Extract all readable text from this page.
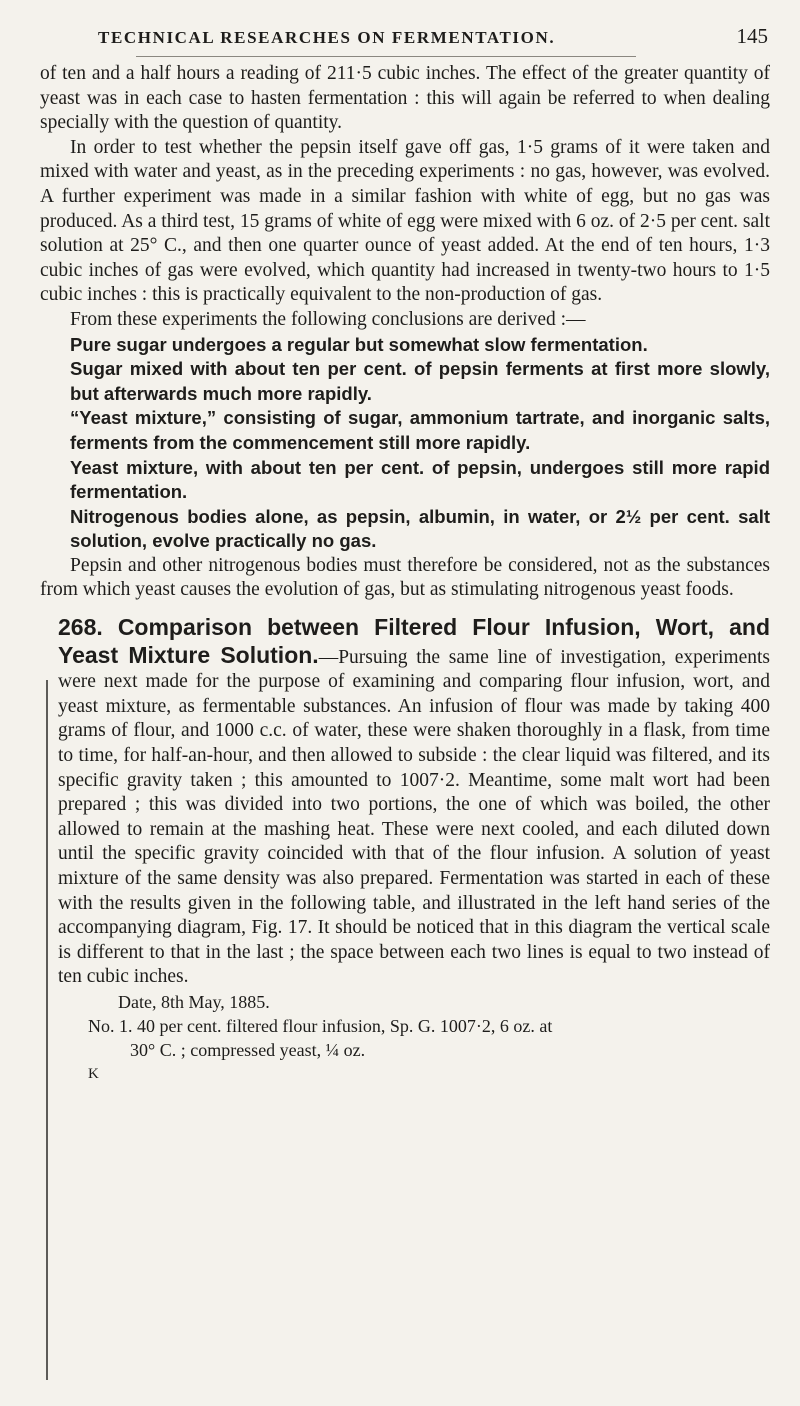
TECHNICAL RESEARCHES ON FERMENTATION.	145

of ten and a half hours a reading of 211·5 cubic inches. The effect of the greater quantity of yeast was in each case to hasten fermentation : this will again be referred to when dealing specially with the question of quantity.

In order to test whether the pepsin itself gave off gas, 1·5 grams of it were taken and mixed with water and yeast, as in the preceding experiments : no gas, however, was evolved. A further experiment was made in a similar fashion with white of egg, but no gas was produced. As a third test, 15 grams of white of egg were mixed with 6 oz. of 2·5 per cent. salt solution at 25° C., and then one quarter ounce of yeast added. At the end of ten hours, 1·3 cubic inches of gas were evolved, which quantity had increased in twenty-two hours to 1·5 cubic inches : this is practically equivalent to the non-production of gas.

From these experiments the following conclusions are derived :—

Pure sugar undergoes a regular but somewhat slow fermentation.

Sugar mixed with about ten per cent. of pepsin ferments at first more slowly, but afterwards much more rapidly.

“Yeast mixture,” consisting of sugar, ammonium tartrate, and inorganic salts, ferments from the commencement still more rapidly.

Yeast mixture, with about ten per cent. of pepsin, undergoes still more rapid fermentation.

Nitrogenous bodies alone, as pepsin, albumin, in water, or 2½ per cent. salt solution, evolve practically no gas.

Pepsin and other nitrogenous bodies must therefore be considered, not as the substances from which yeast causes the evolution of gas, but as stimulating nitrogenous yeast foods.

268. Comparison between Filtered Flour Infusion, Wort, and Yeast Mixture Solution.—Pursuing the same line of investigation, experiments were next made for the purpose of examining and comparing flour infusion, wort, and yeast mixture, as fermentable substances. An infusion of flour was made by taking 400 grams of flour, and 1000 c.c. of water, these were shaken thoroughly in a flask, from time to time, for half-an-hour, and then allowed to subside : the clear liquid was filtered, and its specific gravity taken ; this amounted to 1007·2. Meantime, some malt wort had been prepared ; this was divided into two portions, the one of which was boiled, the other allowed to remain at the mashing heat. These were next cooled, and each diluted down until the specific gravity coincided with that of the flour infusion. A solution of yeast mixture of the same density was also prepared. Fermentation was started in each of these with the results given in the following table, and illustrated in the left hand series of the accompanying diagram, Fig. 17. It should be noticed that in this diagram the vertical scale is different to that in the last ; the space between each two lines is equal to two instead of ten cubic inches.

Date, 8th May, 1885.

No. 1. 40 per cent. filtered flour infusion, Sp. G. 1007·2, 6 oz. at

30° C. ; compressed yeast, ¼ oz.

K
